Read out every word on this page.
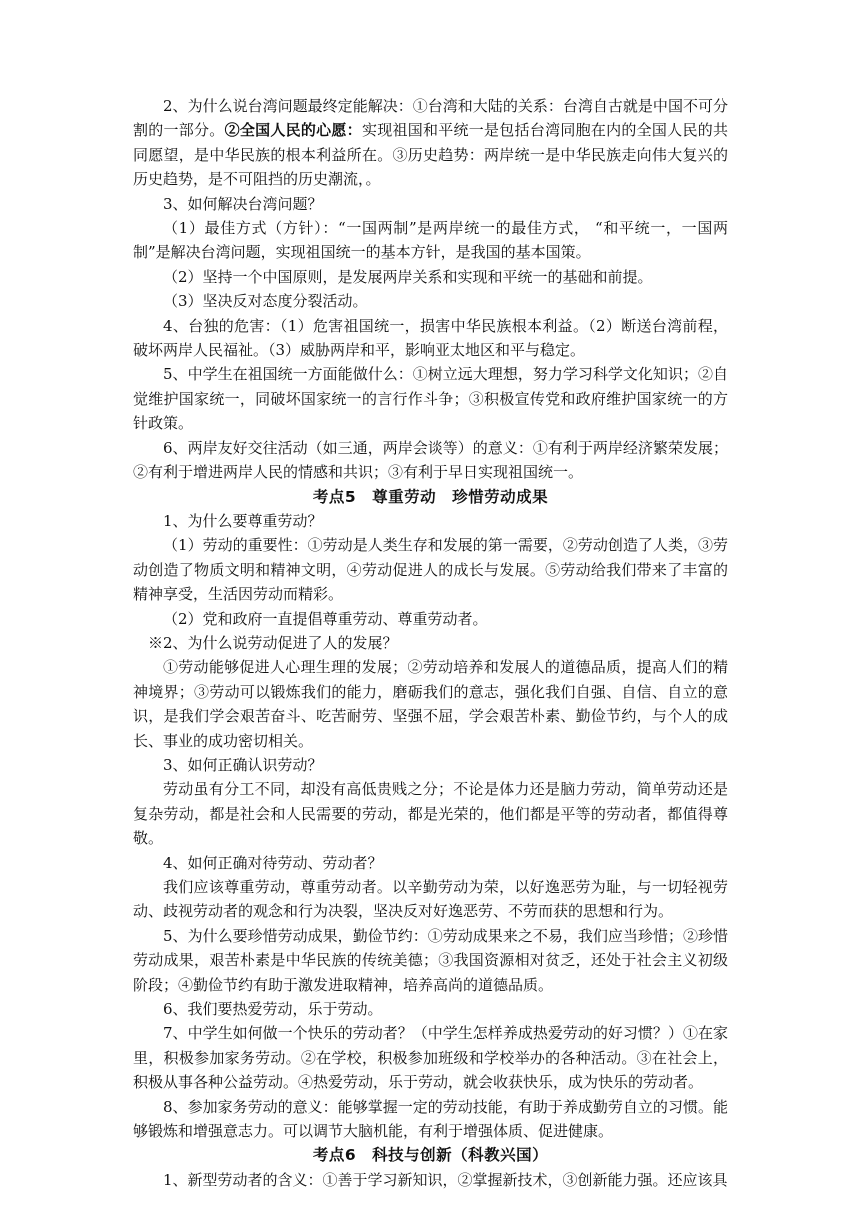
2、为什么说台湾问题最终定能解决：①台湾和大陆的关系：台湾自古就是中国不可分割的一部分。②全国人民的心愿：实现祖国和平统一是包括台湾同胞在内的全国人民的共同愿望，是中华民族的根本利益所在。③历史趋势：两岸统一是中华民族走向伟大复兴的历史趋势，是不可阻挡的历史潮流，。

3、如何解决台湾问题？

（1）最佳方式（方针）：“一国两制”是两岸统一的最佳方式， “和平统一，一国两制”是解决台湾问题，实现祖国统一的基本方针，是我国的基本国策。

（2）坚持一个中国原则，是发展两岸关系和实现和平统一的基础和前提。

（3）坚决反对态度分裂活动。

4、台独的危害：（1）危害祖国统一，损害中华民族根本利益。（2）断送台湾前程，破坏两岸人民福祉。（3）威胁两岸和平，影响亚太地区和平与稳定。

5、中学生在祖国统一方面能做什么：①树立远大理想，努力学习科学文化知识；②自觉维护国家统一，同破坏国家统一的言行作斗争；③积极宣传党和政府维护国家统一的方针政策。

6、两岸友好交往活动（如三通，两岸会谈等）的意义：①有利于两岸经济繁荣发展；②有利于增进两岸人民的情感和共识；③有利于早日实现祖国统一。

考点5　尊重劳动　珍惜劳动成果

1、为什么要尊重劳动？

（1）劳动的重要性：①劳动是人类生存和发展的第一需要，②劳动创造了人类，③劳动创造了物质文明和精神文明，④劳动促进人的成长与发展。⑤劳动给我们带来了丰富的精神享受，生活因劳动而精彩。

（2）党和政府一直提倡尊重劳动、尊重劳动者。

※2、为什么说劳动促进了人的发展？

①劳动能够促进人心理生理的发展；②劳动培养和发展人的道德品质，提高人们的精神境界；③劳动可以锻炼我们的能力，磨砺我们的意志，强化我们自强、自信、自立的意识，是我们学会艰苦奋斗、吃苦耐劳、坚强不屈，学会艰苦朴素、勤俭节约，与个人的成长、事业的成功密切相关。

3、如何正确认识劳动？

劳动虽有分工不同，却没有高低贵贱之分；不论是体力还是脑力劳动，简单劳动还是复杂劳动，都是社会和人民需要的劳动，都是光荣的，他们都是平等的劳动者，都值得尊敬。

4、如何正确对待劳动、劳动者？

我们应该尊重劳动，尊重劳动者。以辛勤劳动为荣，以好逸恶劳为耻，与一切轻视劳动、歧视劳动者的观念和行为决裂，坚决反对好逸恶劳、不劳而获的思想和行为。

5、为什么要珍惜劳动成果，勤俭节约：①劳动成果来之不易，我们应当珍惜；②珍惜劳动成果，艰苦朴素是中华民族的传统美德；③我国资源相对贫乏，还处于社会主义初级阶段；④勤俭节约有助于激发进取精神，培养高尚的道德品质。

6、我们要热爱劳动，乐于劳动。

7、中学生如何做一个快乐的劳动者？（中学生怎样养成热爱劳动的好习惯？）①在家里，积极参加家务劳动。②在学校，积极参加班级和学校举办的各种活动。③在社会上，积极从事各种公益劳动。④热爱劳动，乐于劳动，就会收获快乐，成为快乐的劳动者。

8、参加家务劳动的意义：能够掌握一定的劳动技能，有助于养成勤劳自立的习惯。能够锻炼和增强意志力。可以调节大脑机能，有利于增强体质、促进健康。

考点6　科技与创新（科教兴国）

1、新型劳动者的含义：①善于学习新知识，②掌握新技术，③创新能力强。还应该具
